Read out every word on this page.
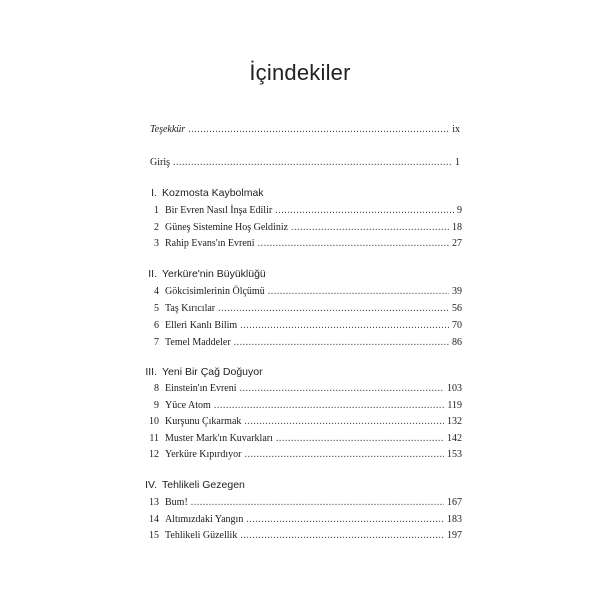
İçindekiler
Teşekkür .....	ix
Giriş .....	1
I. Kozmosta Kaybolmak
1 Bir Evren Nasıl İnşa Edilir .....	9
2 Güneş Sistemine Hoş Geldiniz .....	18
3 Rahip Evans'ın Evreni .....	27
II. Yerküre'nin Büyüklüğü
4 Gökcisimlerinin Ölçümü .....	39
5 Taş Kırıcılar .....	56
6 Elleri Kanlı Bilim .....	70
7 Temel Maddeler .....	86
III. Yeni Bir Çağ Doğuyor
8 Einstein'ın Evreni .....	103
9 Yüce Atom .....	119
10 Kurşunu Çıkarmak .....	132
11 Muster Mark'ın Kuvarkları .....	142
12 Yerküre Kıpırdıyor .....	153
IV. Tehlikeli Gezegen
13 Bum! .....	167
14 Altımızdaki Yangın .....	183
15 Tehlikeli Güzellik .....	197
